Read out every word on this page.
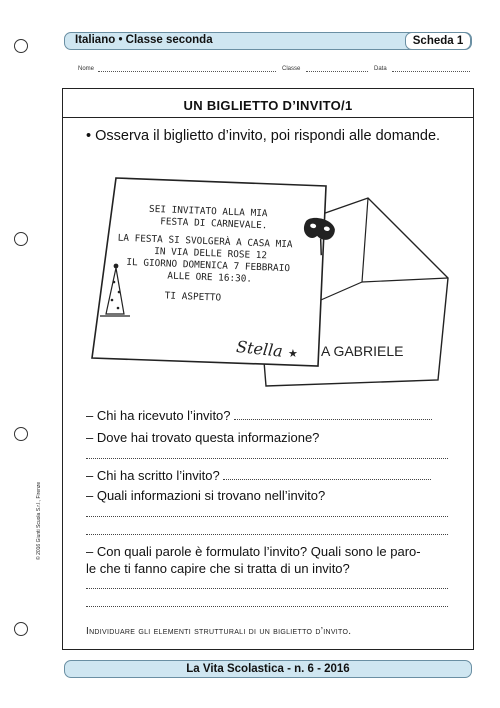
Italiano • Classe seconda	Scheda 1
Nome	Classe	Data
UN BIGLIETTO D’INVITO/1
• Osserva il biglietto d’invito, poi rispondi alle domande.
A GABRIELE
SEI INVITATO ALLA MIA
FESTA DI CARNEVALE.
LA FESTA SI SVOLGERÀ A CASA MIA
IN VIA DELLE ROSE 12
IL GIORNO DOMENICA 7 FEBBRAIO
ALLE ORE 16:30.
TI ASPETTO
Stella ★
– Chi ha ricevuto l’invito?
– Dove hai trovato questa informazione?
– Chi ha scritto l’invito?
– Quali informazioni si trovano nell’invito?
– Con quali parole è formulato l’invito? Quali sono le paro-
le che ti fanno capire che si tratta di un invito?
Individuare gli elementi strutturali di un biglietto d’invito.
© 2016 Giunti Scuola S.r.l., Firenze
La Vita Scolastica - n. 6 - 2016
